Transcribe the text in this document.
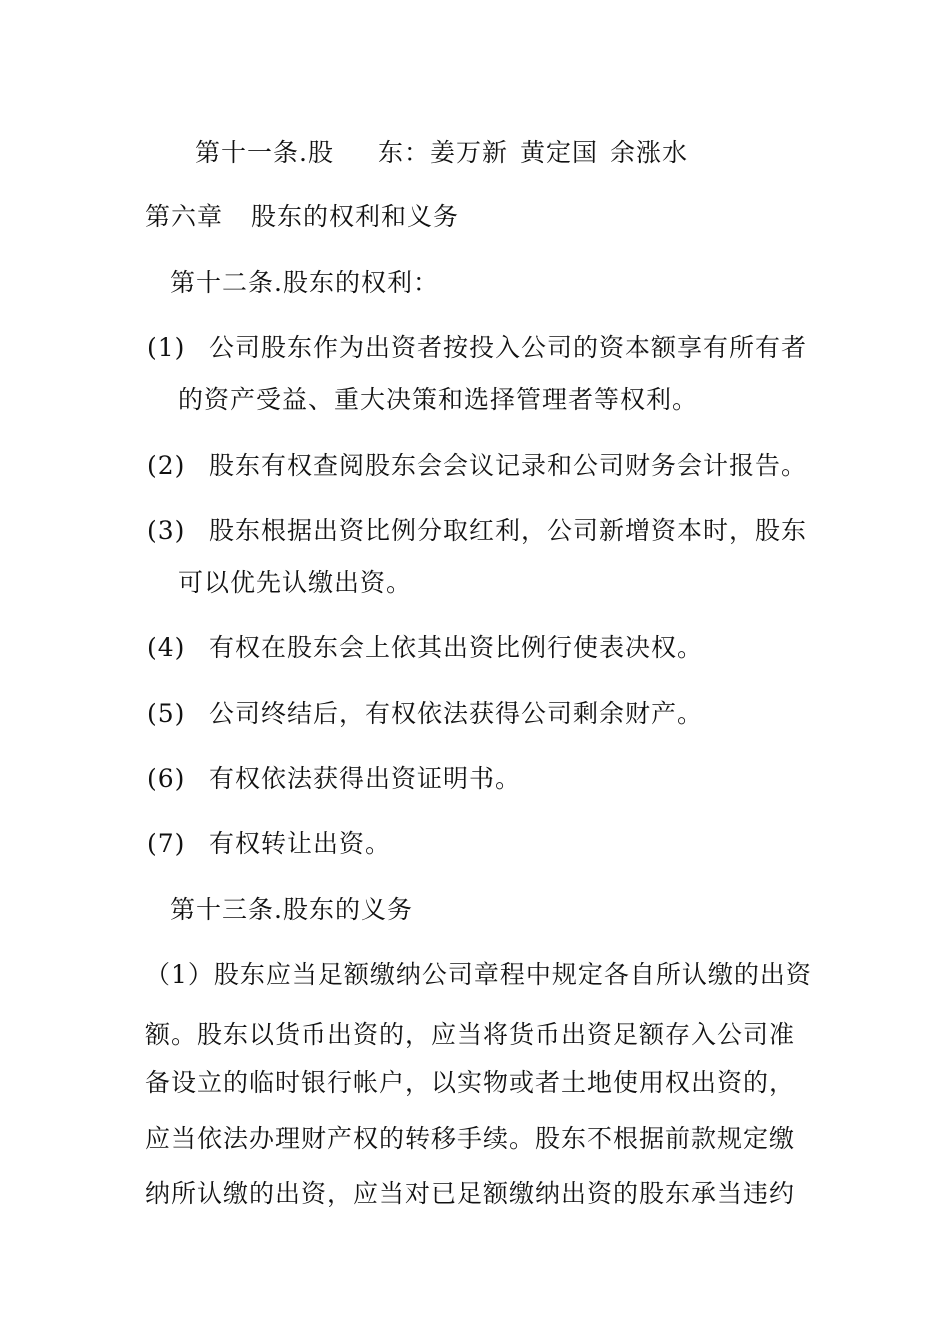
第十一条.股 东：姜万新 黄定国 余涨水
第六章 股东的权利和义务
第十二条.股东的权利：
(1) 公司股东作为出资者按投入公司的资本额享有所有者
的资产受益、重大决策和选择管理者等权利。
(2) 股东有权查阅股东会会议记录和公司财务会计报告。
(3) 股东根据出资比例分取红利，公司新增资本时，股东
可以优先认缴出资。
(4) 有权在股东会上依其出资比例行使表决权。
(5) 公司终结后，有权依法获得公司剩余财产。
(6) 有权依法获得出资证明书。
(7) 有权转让出资。
第十三条.股东的义务
（1）股东应当足额缴纳公司章程中规定各自所认缴的出资
额。股东以货币出资的，应当将货币出资足额存入公司准
备设立的临时银行帐户，以实物或者土地使用权出资的，
应当依法办理财产权的转移手续。股东不根据前款规定缴
纳所认缴的出资，应当对已足额缴纳出资的股东承当违约
